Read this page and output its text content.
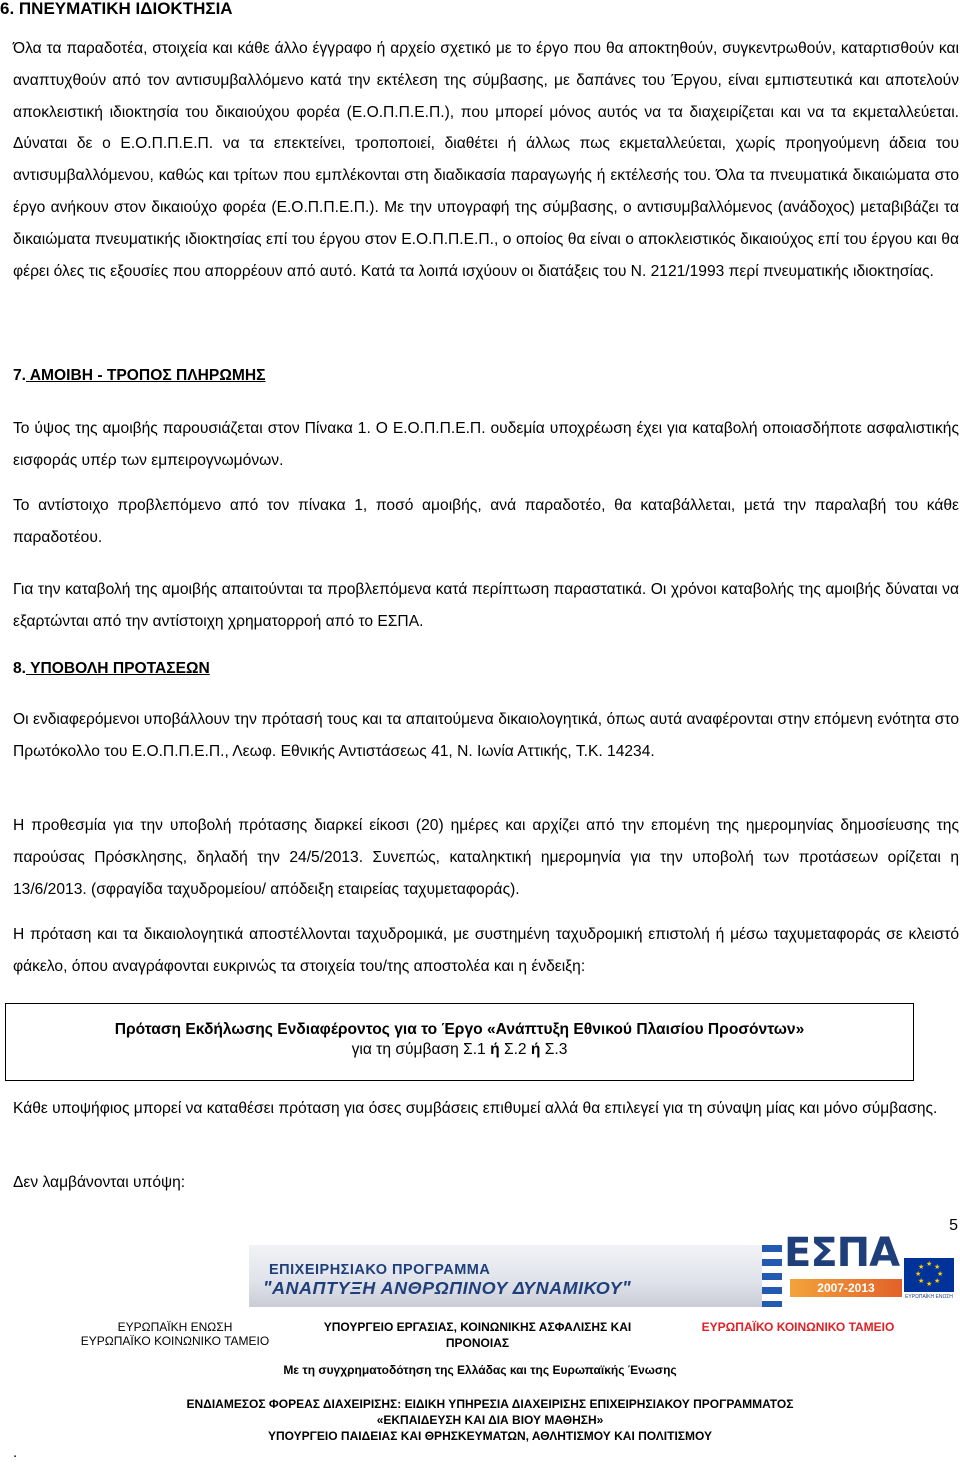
6. ΠΝΕΥΜΑΤΙΚΗ ΙΔΙΟΚΤΗΣΙΑ

Όλα τα παραδοτέα, στοιχεία και κάθε άλλο έγγραφο ή αρχείο σχετικό με το έργο που θα αποκτηθούν, συγκεντρωθούν, καταρτισθούν και αναπτυχθούν από τον αντισυμβαλλόμενο κατά την εκτέλεση της σύμβασης, με δαπάνες του Έργου, είναι εμπιστευτικά και αποτελούν αποκλειστική ιδιοκτησία του δικαιούχου φορέα (Ε.Ο.Π.Π.Ε.Π.), που μπορεί μόνος αυτός να τα διαχειρίζεται και να τα εκμεταλλεύεται. Δύναται δε ο Ε.Ο.Π.Π.Ε.Π. να τα επεκτείνει, τροποποιεί, διαθέτει ή άλλως πως εκμεταλλεύεται, χωρίς προηγούμενη άδεια του αντισυμβαλλόμενου, καθώς και τρίτων που εμπλέκονται στη διαδικασία παραγωγής ή εκτέλεσής του. Όλα τα πνευματικά δικαιώματα στο έργο ανήκουν στον δικαιούχο φορέα (Ε.Ο.Π.Π.Ε.Π.). Με την υπογραφή της σύμβασης, ο αντισυμβαλλόμενος (ανάδοχος) μεταβιβάζει τα δικαιώματα πνευματικής ιδιοκτησίας επί του έργου στον Ε.Ο.Π.Π.Ε.Π., ο οποίος θα είναι ο αποκλειστικός δικαιούχος επί του έργου και θα φέρει όλες τις εξουσίες που απορρέουν από αυτό. Κατά τα λοιπά ισχύουν οι διατάξεις του Ν. 2121/1993 περί πνευματικής ιδιοκτησίας.

7. ΑΜΟΙΒΗ - ΤΡΟΠΟΣ ΠΛΗΡΩΜΗΣ

Το ύψος της αμοιβής παρουσιάζεται στον Πίνακα 1. Ο Ε.Ο.Π.Π.Ε.Π. ουδεμία υποχρέωση έχει για καταβολή οποιασδήποτε ασφαλιστικής εισφοράς υπέρ των εμπειρογνωμόνων.

Το αντίστοιχο προβλεπόμενο από τον πίνακα 1, ποσό αμοιβής, ανά παραδοτέο, θα καταβάλλεται, μετά την παραλαβή του κάθε παραδοτέου.

Για την καταβολή της αμοιβής απαιτούνται τα προβλεπόμενα κατά περίπτωση παραστατικά. Οι χρόνοι καταβολής της αμοιβής δύναται να εξαρτώνται από την αντίστοιχη χρηματορροή από το ΕΣΠΑ.

8. ΥΠΟΒΟΛΗ ΠΡΟΤΑΣΕΩΝ

Οι ενδιαφερόμενοι υποβάλλουν την πρότασή τους και τα απαιτούμενα δικαιολογητικά, όπως αυτά αναφέρονται στην επόμενη ενότητα στο Πρωτόκολλο του Ε.Ο.Π.Π.Ε.Π., Λεωφ. Εθνικής Αντιστάσεως 41, Ν. Ιωνία Αττικής, Τ.Κ. 14234.

Η προθεσμία για την υποβολή πρότασης διαρκεί είκοσι (20) ημέρες και αρχίζει από την επομένη της ημερομηνίας δημοσίευσης της παρούσας Πρόσκλησης, δηλαδή την 24/5/2013. Συνεπώς, καταληκτική ημερομηνία για την υποβολή των προτάσεων ορίζεται η 13/6/2013. (σφραγίδα ταχυδρομείου/ απόδειξη εταιρείας ταχυμεταφοράς).

Η πρόταση και τα δικαιολογητικά αποστέλλονται ταχυδρομικά, με συστημένη ταχυδρομική επιστολή ή μέσω ταχυμεταφοράς σε κλειστό φάκελο, όπου αναγράφονται ευκρινώς τα στοιχεία του/της αποστολέα και η ένδειξη:

Πρόταση Εκδήλωσης Ενδιαφέροντος για το Έργο «Ανάπτυξη Εθνικού Πλαισίου Προσόντων»
για τη σύμβαση Σ.1 ή Σ.2 ή Σ.3

Κάθε υποψήφιος μπορεί να καταθέσει πρόταση για όσες συμβάσεις επιθυμεί αλλά θα επιλεγεί για τη σύναψη μίας και μόνο σύμβασης.

Δεν λαμβάνονται υπόψη:

5
ΕΠΙΧΕΙΡΗΣΙΑΚΟ ΠΡΟΓΡΑΜΜΑ
"ΑΝΑΠΤΥΞΗ ΑΝΘΡΩΠΙΝΟΥ ΔΥΝΑΜΙΚΟΥ"
ΕΣΠΑ
2007-2013
★ ★
★
★
★
★
★
★
ΕΥΡΩΠΑΪΚΗ ΕΝΩΣΗ
ΕΥΡΩΠΑΪΚΗ ΕΝΩΣΗ
ΕΥΡΩΠΑΪΚΟ ΚΟΙΝΩΝΙΚΟ ΤΑΜΕΙΟ
ΥΠΟΥΡΓΕΙΟ ΕΡΓΑΣΙΑΣ, ΚΟΙΝΩΝΙΚΗΣ ΑΣΦΑΛΙΣΗΣ ΚΑΙ
ΠΡΟΝΟΙΑΣ
ΕΥΡΩΠΑΪΚΟ ΚΟΙΝΩΝΙΚΟ ΤΑΜΕΙΟ
Με τη συγχρηματοδότηση της Ελλάδας και της Ευρωπαϊκής Ένωσης
ΕΝΔΙΑΜΕΣΟΣ ΦΟΡΕΑΣ ΔΙΑΧΕΙΡΙΣΗΣ: ΕΙΔΙΚΗ ΥΠΗΡΕΣΙΑ ΔΙΑΧΕΙΡΙΣΗΣ ΕΠΙΧΕΙΡΗΣΙΑΚΟΥ ΠΡΟΓΡΑΜΜΑΤΟΣ
«ΕΚΠΑΙΔΕΥΣΗ ΚΑΙ ΔΙΑ ΒΙΟΥ ΜΑΘΗΣΗ»
ΥΠΟΥΡΓΕΙΟ ΠΑΙΔΕΙΑΣ ΚΑΙ ΘΡΗΣΚΕΥΜΑΤΩΝ, ΑΘΛΗΤΙΣΜΟΥ ΚΑΙ ΠΟΛΙΤΙΣΜΟΥ
.
